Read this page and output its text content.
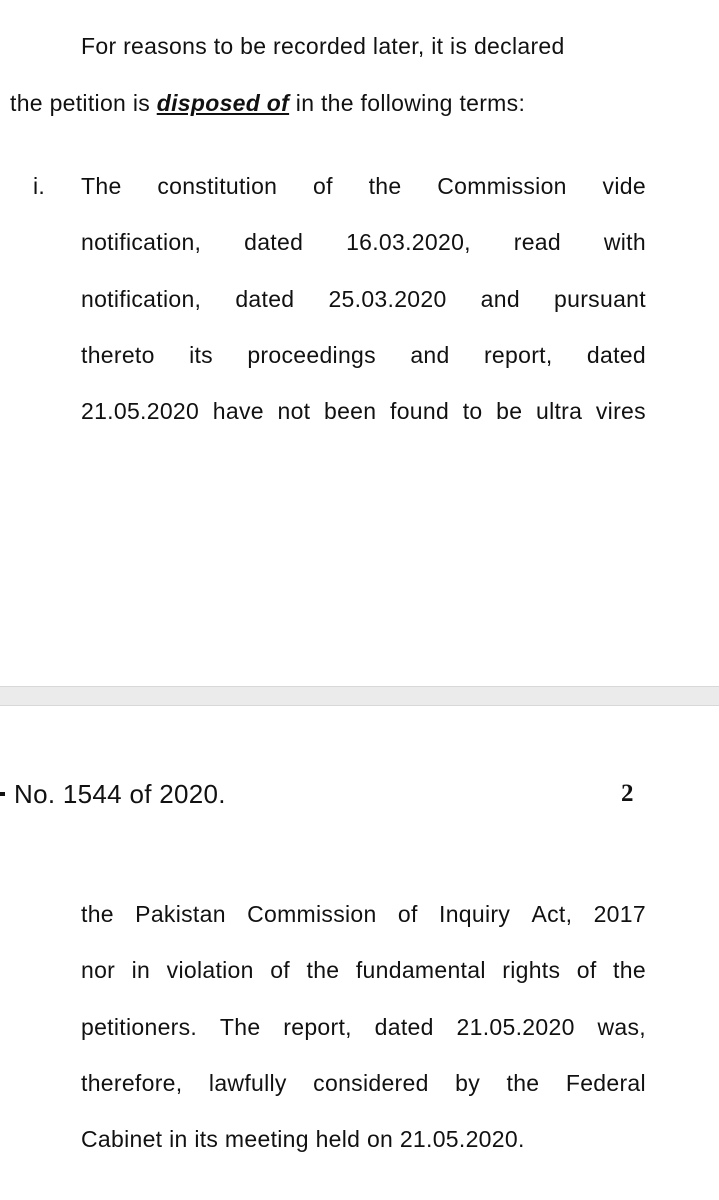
For reasons to be recorded later, it is declared
the petition is disposed of in the following terms:
i. The constitution of the Commission vide
notification, dated 16.03.2020, read with
notification, dated 25.03.2020 and pursuant
thereto its proceedings and report, dated
21.05.2020 have not been found to be ultra vires
No. 1544 of 2020.	2
the Pakistan Commission of Inquiry Act, 2017
nor in violation of the fundamental rights of the
petitioners. The report, dated 21.05.2020 was,
therefore, lawfully considered by the Federal
Cabinet in its meeting held on 21.05.2020.
